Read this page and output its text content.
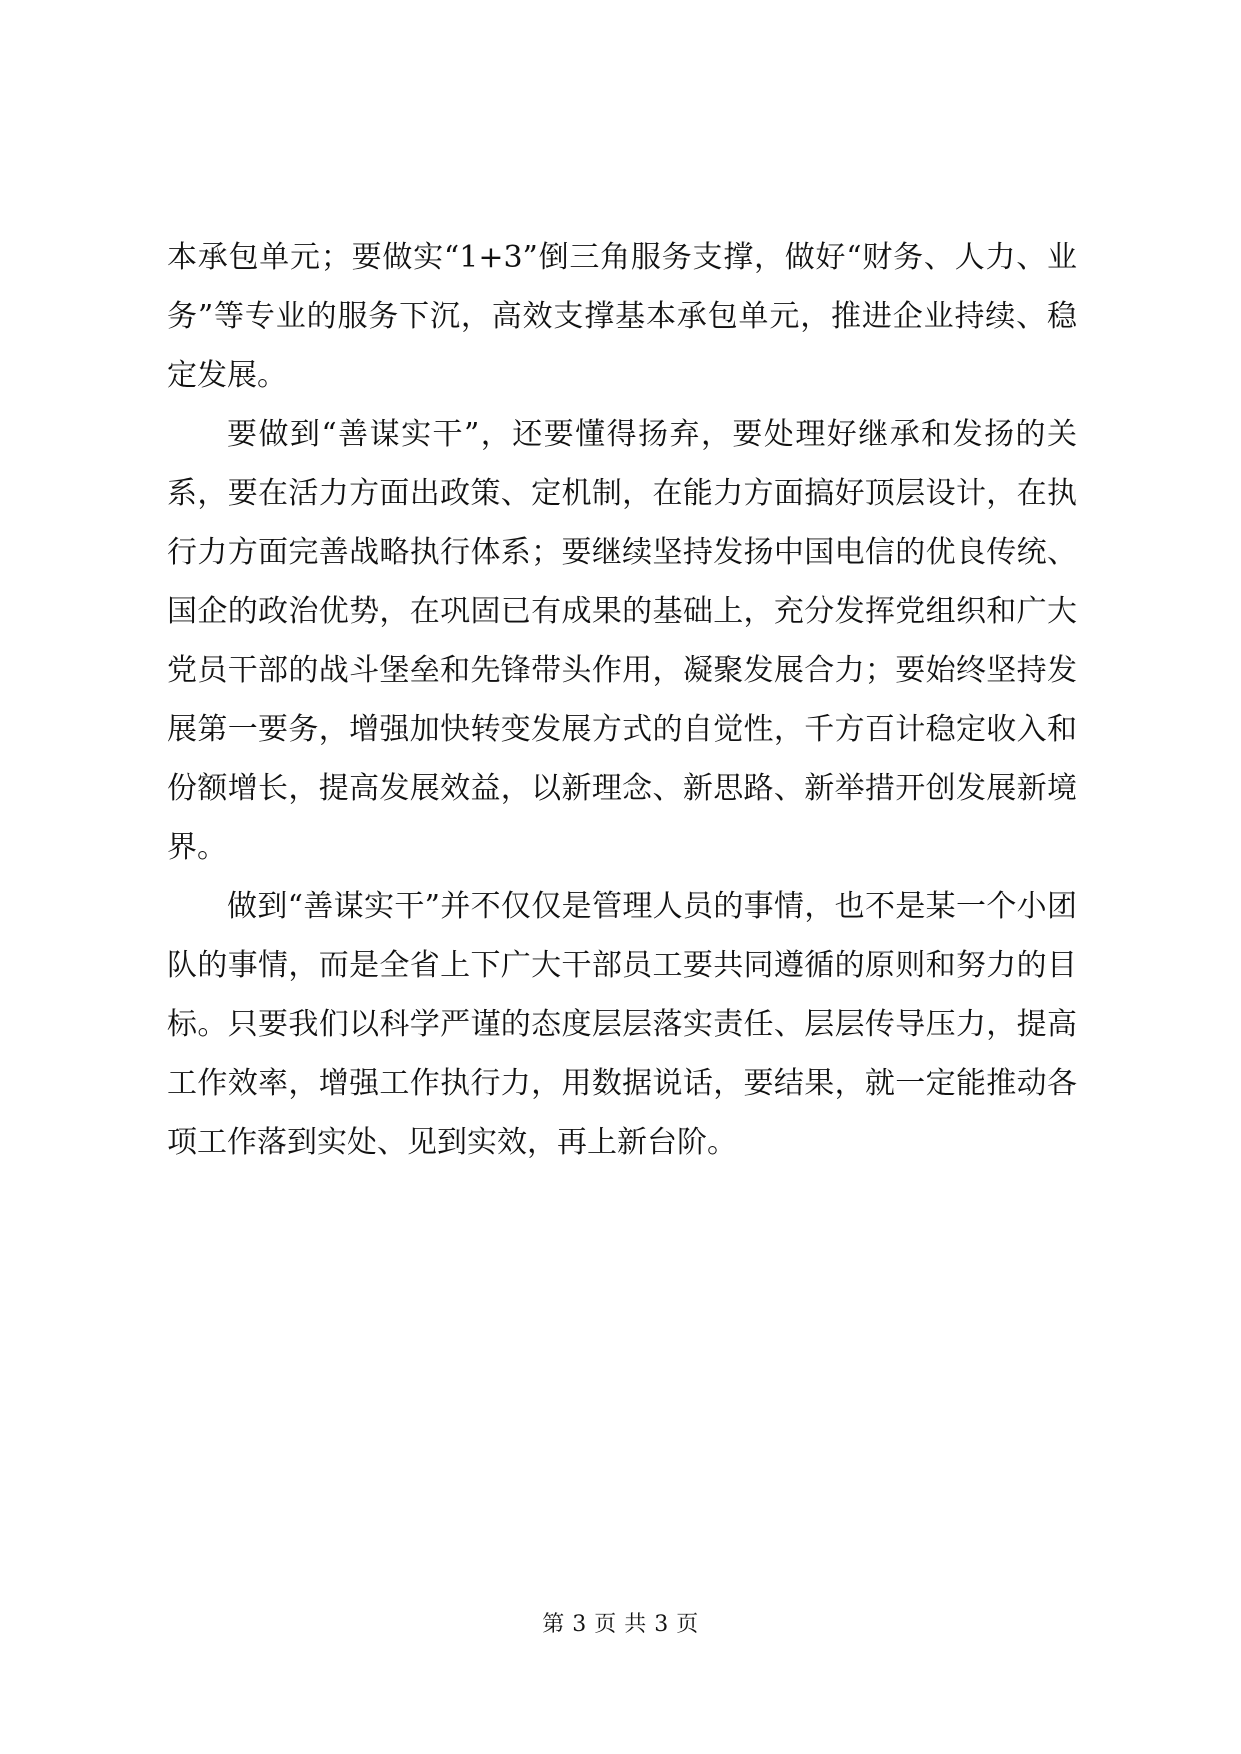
本承包单元；要做实“1+3”倒三角服务支撑，做好“财务、人力、业务”等专业的服务下沉，高效支撑基本承包单元，推进企业持续、稳定发展。

要做到“善谋实干”，还要懂得扬弃，要处理好继承和发扬的关系，要在活力方面出政策、定机制，在能力方面搞好顶层设计，在执行力方面完善战略执行体系；要继续坚持发扬中国电信的优良传统、国企的政治优势，在巩固已有成果的基础上，充分发挥党组织和广大党员干部的战斗堡垒和先锋带头作用，凝聚发展合力；要始终坚持发展第一要务，增强加快转变发展方式的自觉性，千方百计稳定收入和份额增长，提高发展效益，以新理念、新思路、新举措开创发展新境界。

做到“善谋实干”并不仅仅是管理人员的事情，也不是某一个小团队的事情，而是全省上下广大干部员工要共同遵循的原则和努力的目标。只要我们以科学严谨的态度层层落实责任、层层传导压力，提高工作效率，增强工作执行力，用数据说话，要结果，就一定能推动各项工作落到实处、见到实效，再上新台阶。

第 3 页 共 3 页
